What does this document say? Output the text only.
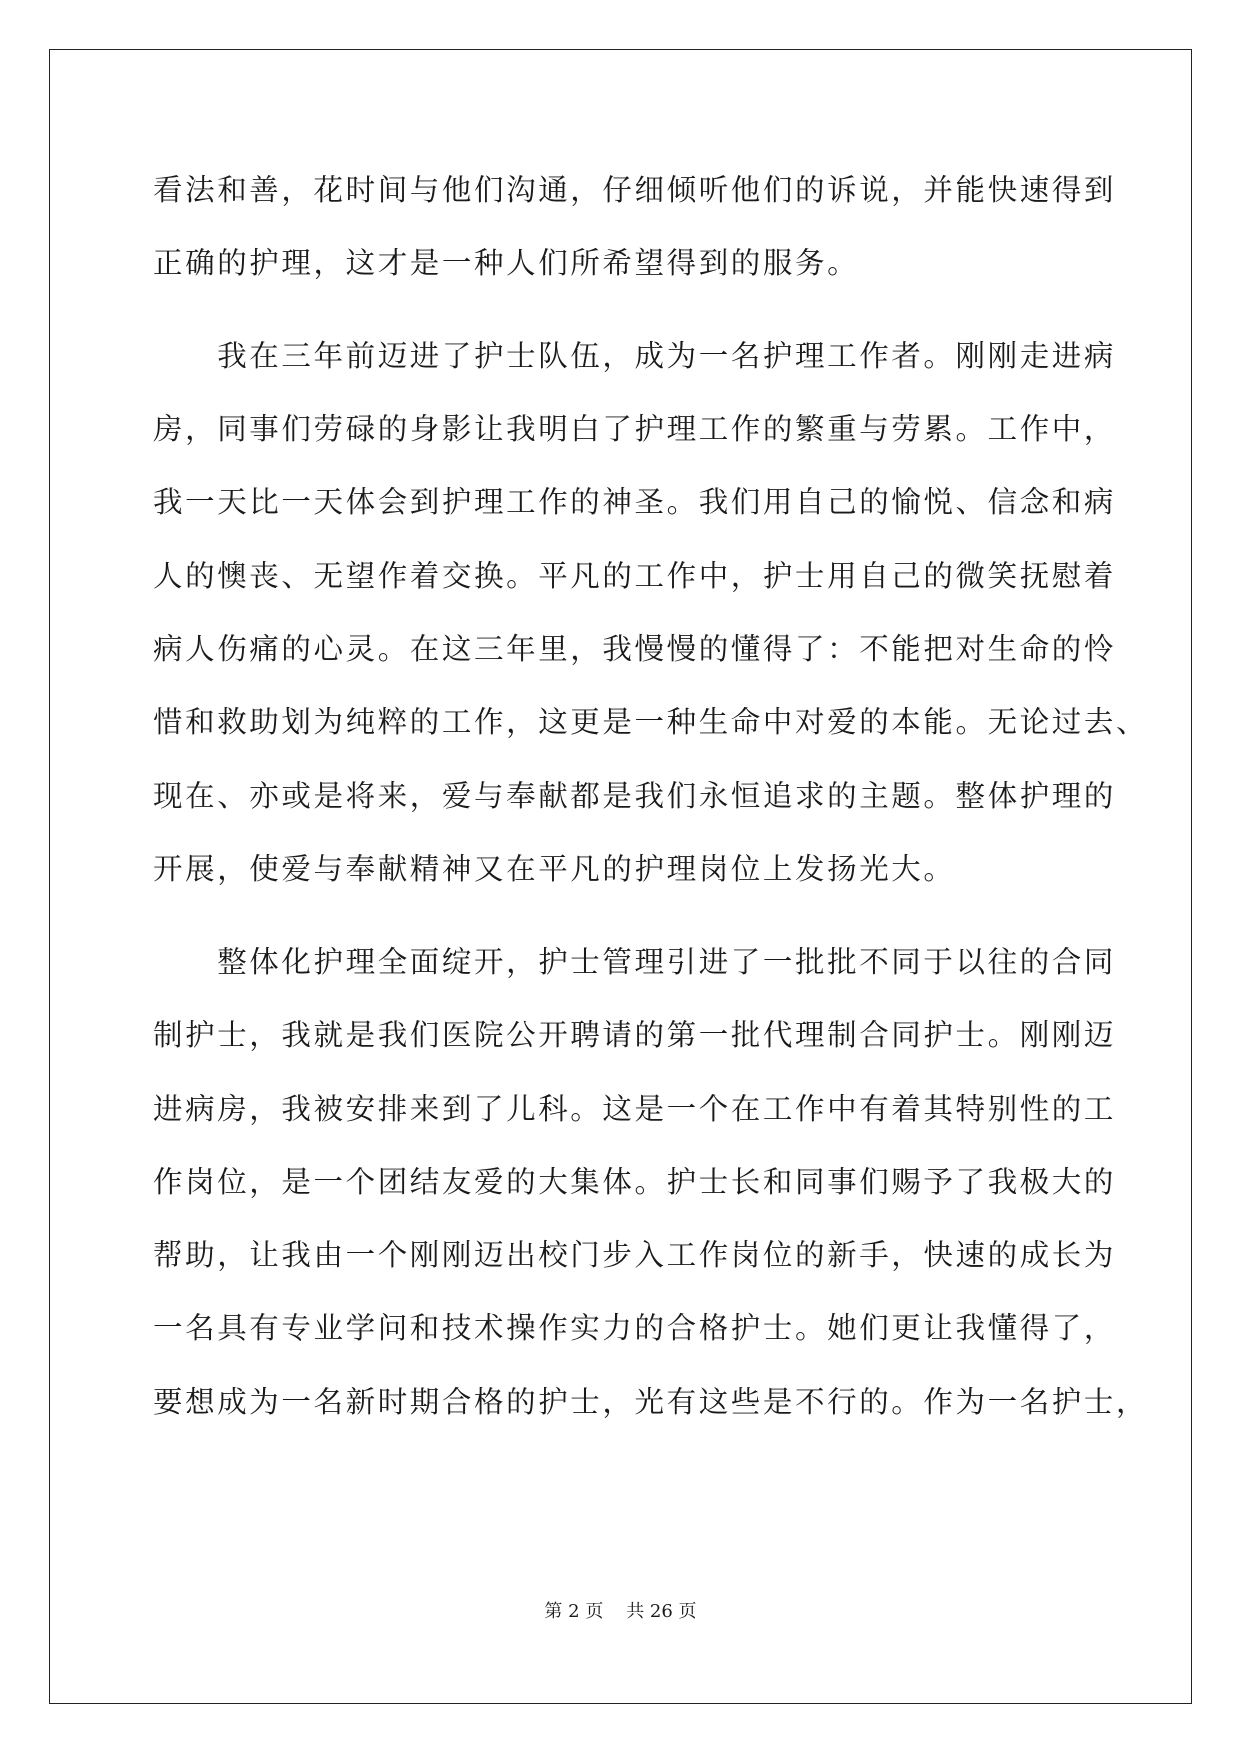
看法和善，花时间与他们沟通，仔细倾听他们的诉说，并能快速得到
正确的护理，这才是一种人们所希望得到的服务。
　　我在三年前迈进了护士队伍，成为一名护理工作者。刚刚走进病
房，同事们劳碌的身影让我明白了护理工作的繁重与劳累。工作中，
我一天比一天体会到护理工作的神圣。我们用自己的愉悦、信念和病
人的懊丧、无望作着交换。平凡的工作中，护士用自己的微笑抚慰着
病人伤痛的心灵。在这三年里，我慢慢的懂得了：不能把对生命的怜
惜和救助划为纯粹的工作，这更是一种生命中对爱的本能。无论过去、
现在、亦或是将来，爱与奉献都是我们永恒追求的主题。整体护理的
开展，使爱与奉献精神又在平凡的护理岗位上发扬光大。
　　整体化护理全面绽开，护士管理引进了一批批不同于以往的合同
制护士，我就是我们医院公开聘请的第一批代理制合同护士。刚刚迈
进病房，我被安排来到了儿科。这是一个在工作中有着其特别性的工
作岗位，是一个团结友爱的大集体。护士长和同事们赐予了我极大的
帮助，让我由一个刚刚迈出校门步入工作岗位的新手，快速的成长为
一名具有专业学问和技术操作实力的合格护士。她们更让我懂得了，
要想成为一名新时期合格的护士，光有这些是不行的。作为一名护士，
第 2 页    共 26 页
